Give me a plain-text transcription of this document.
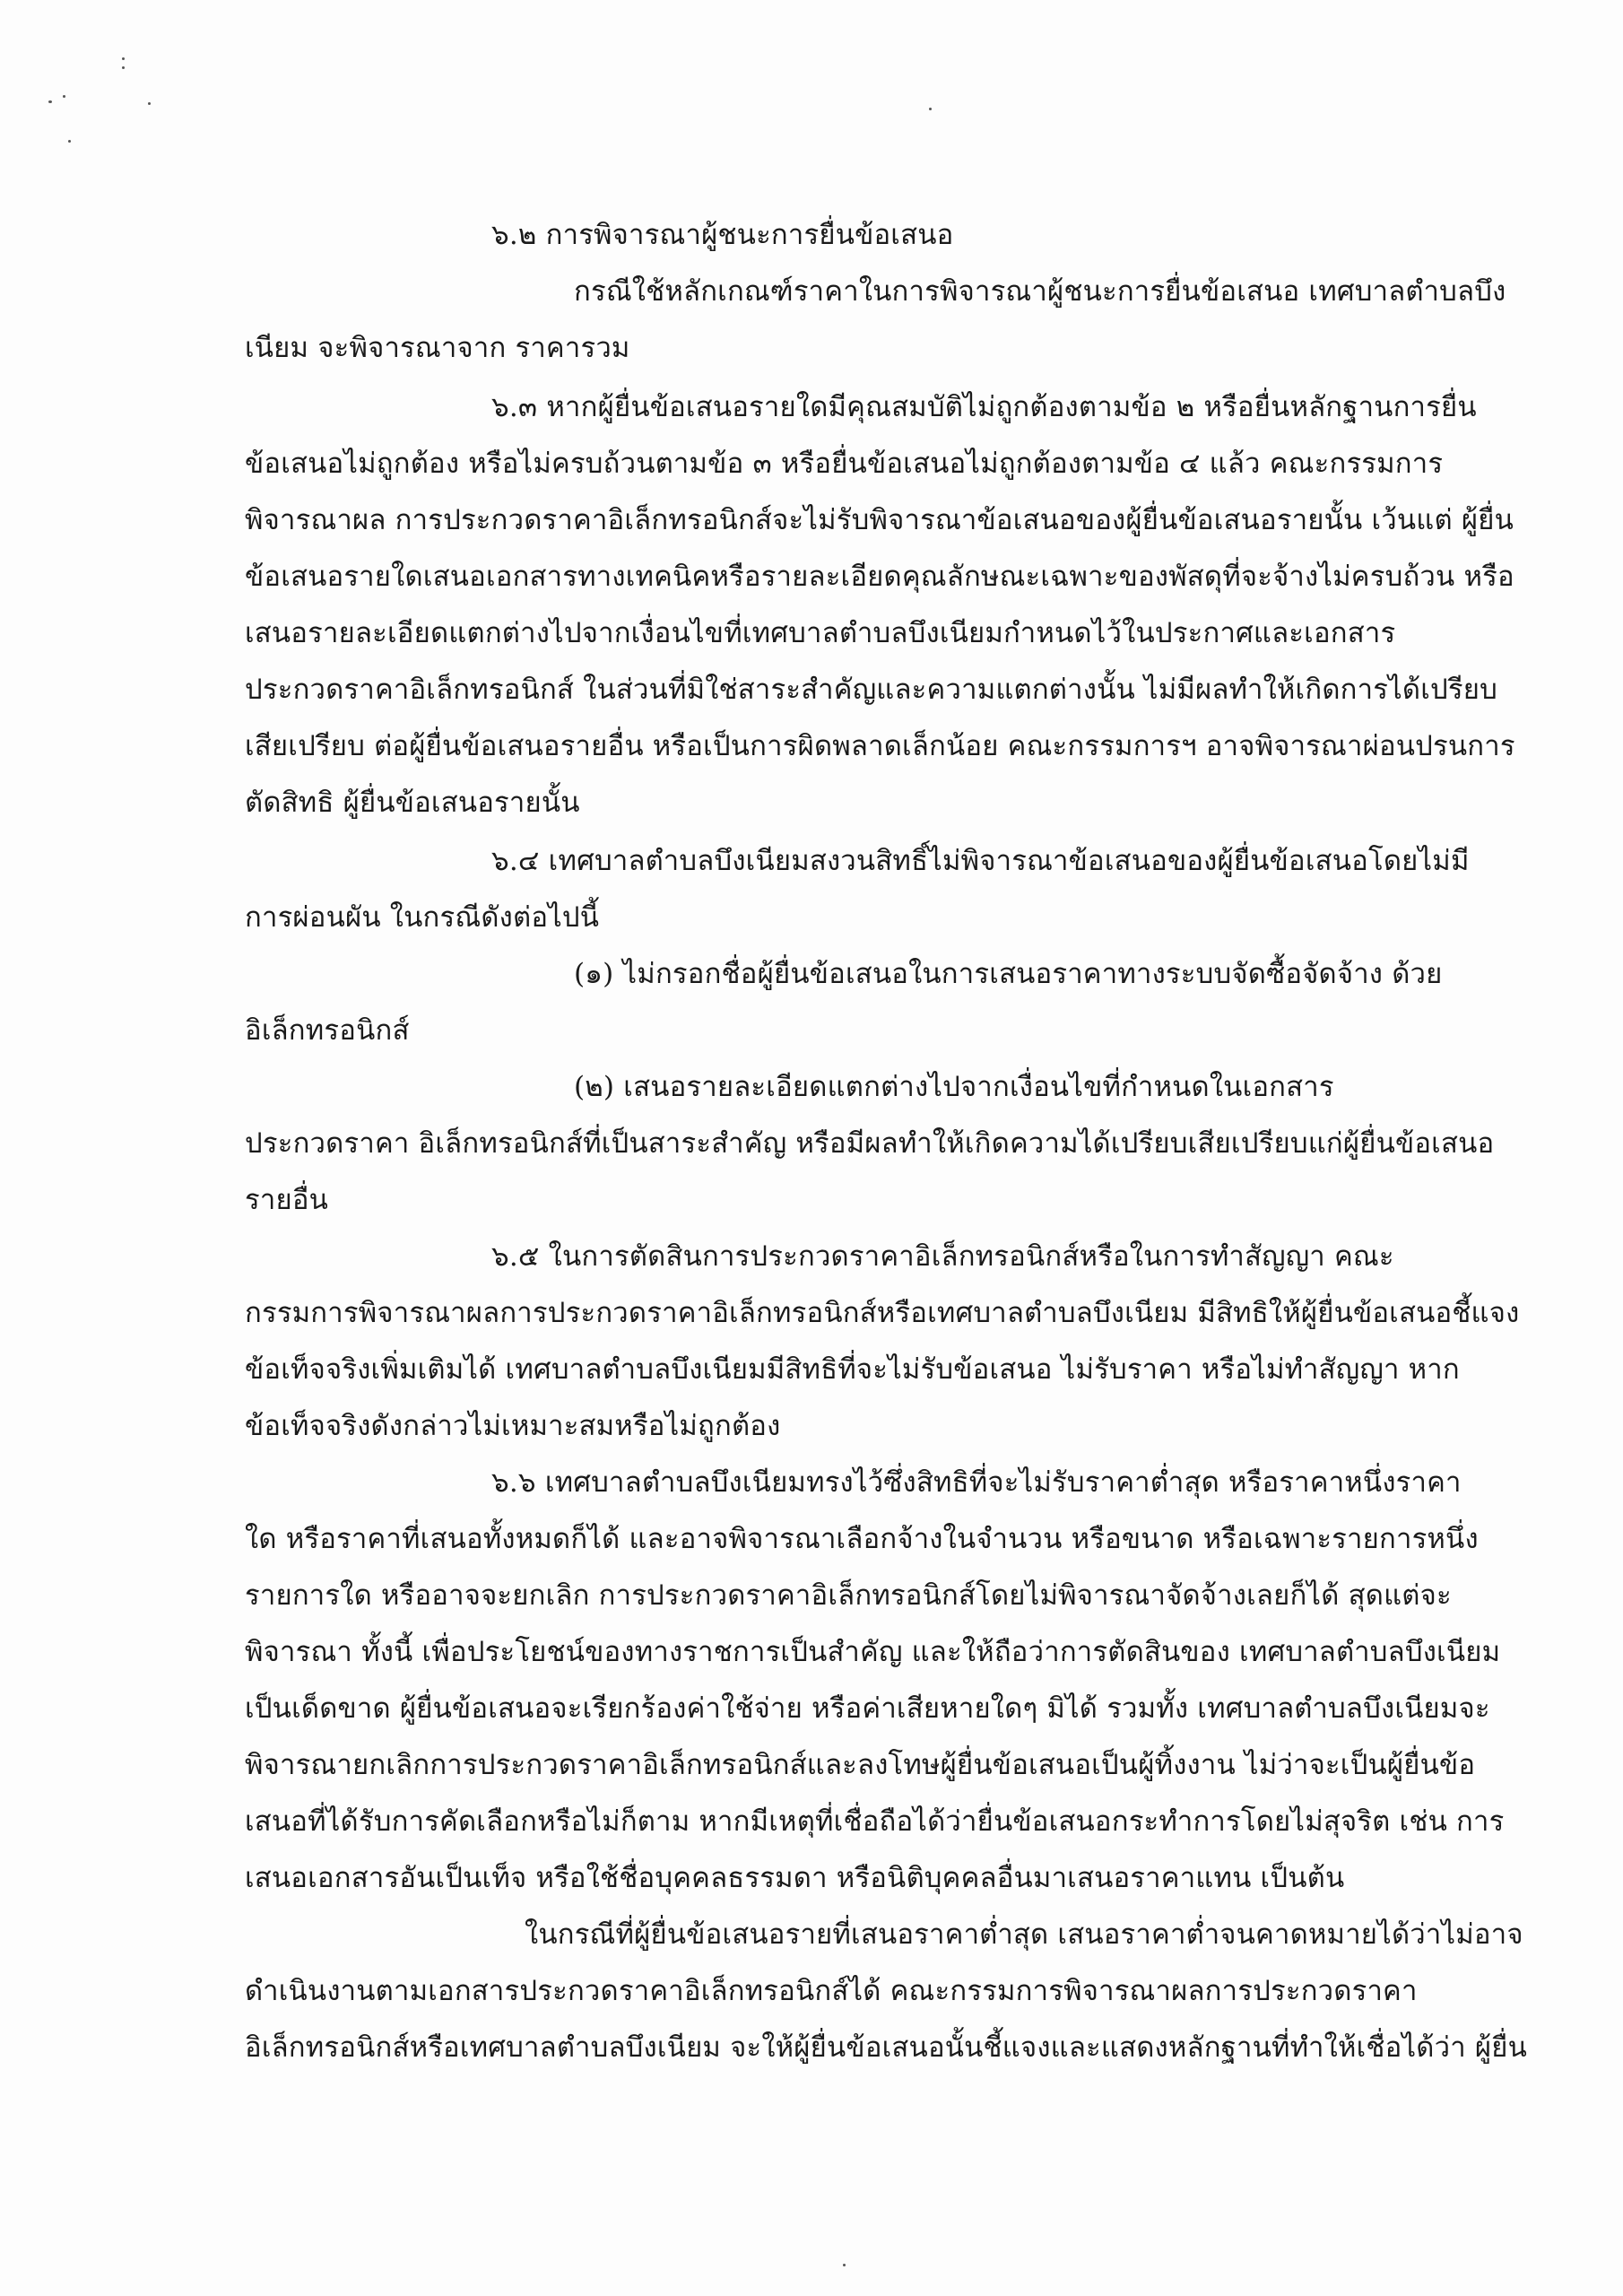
๖.๒ การพิจารณาผู้ชนะการยื่นข้อเสนอ
กรณีใช้หลักเกณฑ์ราคาในการพิจารณาผู้ชนะการยื่นข้อเสนอ เทศบาลตำบลบึง
เนียม จะพิจารณาจาก ราคารวม
๖.๓ หากผู้ยื่นข้อเสนอรายใดมีคุณสมบัติไม่ถูกต้องตามข้อ ๒ หรือยื่นหลักฐานการยื่น
ข้อเสนอไม่ถูกต้อง หรือไม่ครบถ้วนตามข้อ ๓ หรือยื่นข้อเสนอไม่ถูกต้องตามข้อ ๔ แล้ว คณะกรรมการ
พิจารณาผล การประกวดราคาอิเล็กทรอนิกส์จะไม่รับพิจารณาข้อเสนอของผู้ยื่นข้อเสนอรายนั้น เว้นแต่ ผู้ยื่น
ข้อเสนอรายใดเสนอเอกสารทางเทคนิคหรือรายละเอียดคุณลักษณะเฉพาะของพัสดุที่จะจ้างไม่ครบถ้วน หรือ
เสนอรายละเอียดแตกต่างไปจากเงื่อนไขที่เทศบาลตำบลบึงเนียมกำหนดไว้ในประกาศและเอกสาร
ประกวดราคาอิเล็กทรอนิกส์ ในส่วนที่มิใช่สาระสำคัญและความแตกต่างนั้น ไม่มีผลทำให้เกิดการได้เปรียบ
เสียเปรียบ ต่อผู้ยื่นข้อเสนอรายอื่น หรือเป็นการผิดพลาดเล็กน้อย คณะกรรมการฯ อาจพิจารณาผ่อนปรนการ
ตัดสิทธิ ผู้ยื่นข้อเสนอรายนั้น
๖.๔ เทศบาลตำบลบึงเนียมสงวนสิทธิ์ไม่พิจารณาข้อเสนอของผู้ยื่นข้อเสนอโดยไม่มี
การผ่อนผัน ในกรณีดังต่อไปนี้
(๑) ไม่กรอกชื่อผู้ยื่นข้อเสนอในการเสนอราคาทางระบบจัดซื้อจัดจ้าง ด้วย
อิเล็กทรอนิกส์
(๒) เสนอรายละเอียดแตกต่างไปจากเงื่อนไขที่กำหนดในเอกสาร
ประกวดราคา อิเล็กทรอนิกส์ที่เป็นสาระสำคัญ หรือมีผลทำให้เกิดความได้เปรียบเสียเปรียบแก่ผู้ยื่นข้อเสนอ
รายอื่น
๖.๕ ในการตัดสินการประกวดราคาอิเล็กทรอนิกส์หรือในการทำสัญญา คณะ
กรรมการพิจารณาผลการประกวดราคาอิเล็กทรอนิกส์หรือเทศบาลตำบลบึงเนียม มีสิทธิให้ผู้ยื่นข้อเสนอชี้แจง
ข้อเท็จจริงเพิ่มเติมได้ เทศบาลตำบลบึงเนียมมีสิทธิที่จะไม่รับข้อเสนอ ไม่รับราคา หรือไม่ทำสัญญา หาก
ข้อเท็จจริงดังกล่าวไม่เหมาะสมหรือไม่ถูกต้อง
๖.๖ เทศบาลตำบลบึงเนียมทรงไว้ซึ่งสิทธิที่จะไม่รับราคาต่ำสุด หรือราคาหนึ่งราคา
ใด หรือราคาที่เสนอทั้งหมดก็ได้ และอาจพิจารณาเลือกจ้างในจำนวน หรือขนาด หรือเฉพาะรายการหนึ่ง
รายการใด หรืออาจจะยกเลิก การประกวดราคาอิเล็กทรอนิกส์โดยไม่พิจารณาจัดจ้างเลยก็ได้ สุดแต่จะ
พิจารณา ทั้งนี้ เพื่อประโยชน์ของทางราชการเป็นสำคัญ และให้ถือว่าการตัดสินของ เทศบาลตำบลบึงเนียม
เป็นเด็ดขาด ผู้ยื่นข้อเสนอจะเรียกร้องค่าใช้จ่าย หรือค่าเสียหายใดๆ มิได้ รวมทั้ง เทศบาลตำบลบึงเนียมจะ
พิจารณายกเลิกการประกวดราคาอิเล็กทรอนิกส์และลงโทษผู้ยื่นข้อเสนอเป็นผู้ทิ้งงาน ไม่ว่าจะเป็นผู้ยื่นข้อ
เสนอที่ได้รับการคัดเลือกหรือไม่ก็ตาม หากมีเหตุที่เชื่อถือได้ว่ายื่นข้อเสนอกระทำการโดยไม่สุจริต เช่น การ
เสนอเอกสารอันเป็นเท็จ หรือใช้ชื่อบุคคลธรรมดา หรือนิติบุคคลอื่นมาเสนอราคาแทน เป็นต้น
ในกรณีที่ผู้ยื่นข้อเสนอรายที่เสนอราคาต่ำสุด เสนอราคาต่ำจนคาดหมายได้ว่าไม่อาจ
ดำเนินงานตามเอกสารประกวดราคาอิเล็กทรอนิกส์ได้ คณะกรรมการพิจารณาผลการประกวดราคา
อิเล็กทรอนิกส์หรือเทศบาลตำบลบึงเนียม จะให้ผู้ยื่นข้อเสนอนั้นชี้แจงและแสดงหลักฐานที่ทำให้เชื่อได้ว่า ผู้ยื่น
